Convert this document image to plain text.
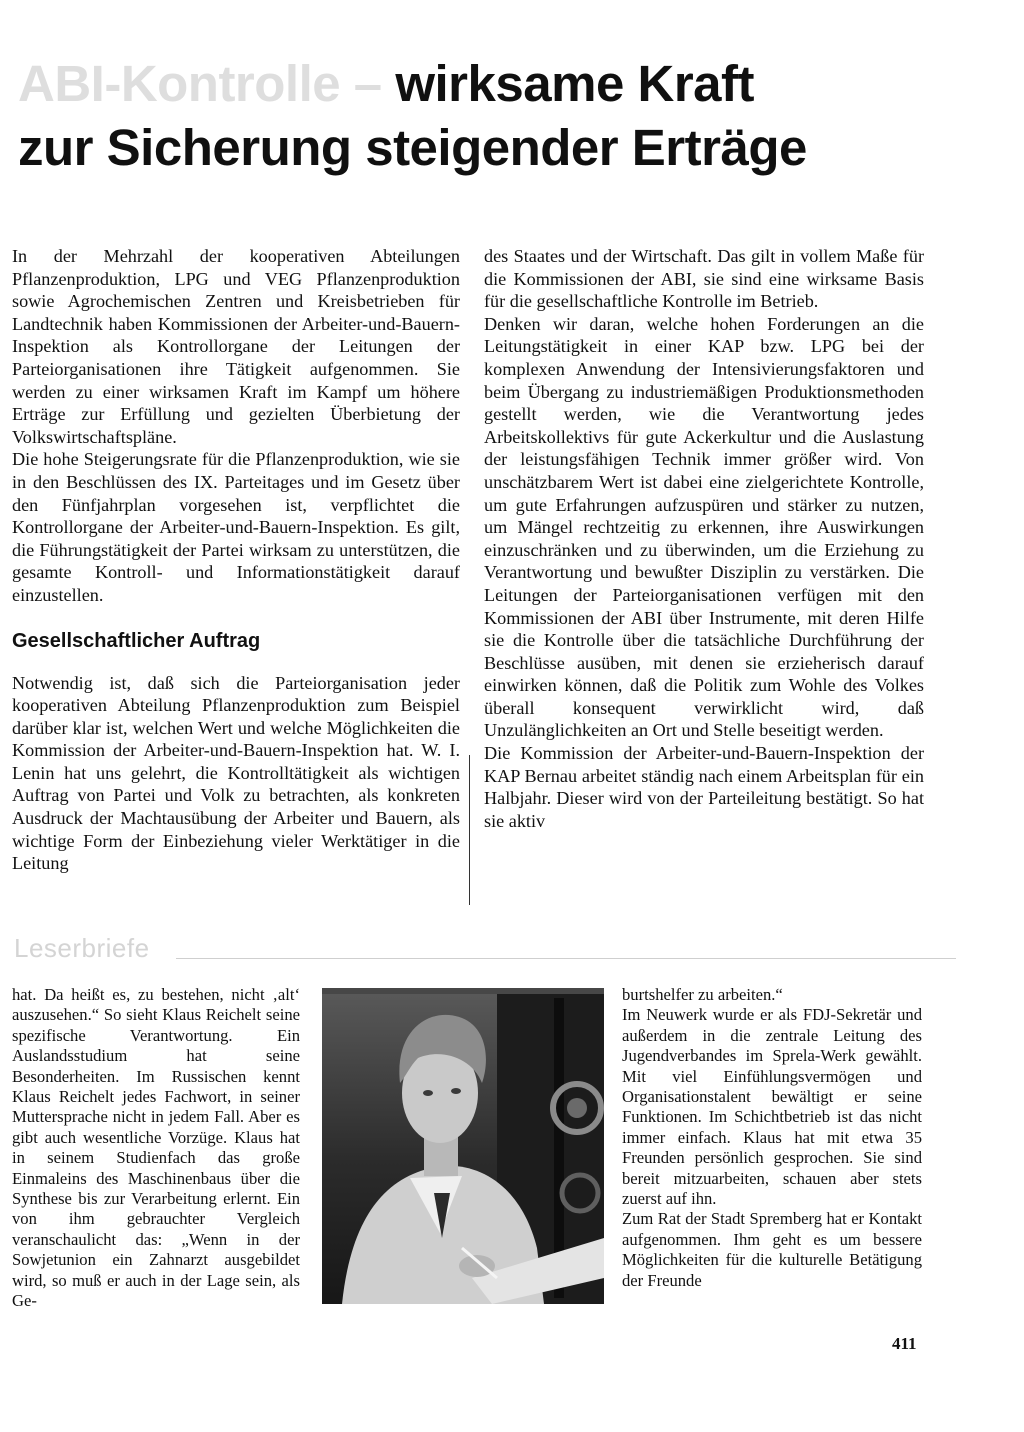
ABI-Kontrolle – wirksame Kraft
zur Sicherung steigender Erträge

In der Mehrzahl der kooperativen Abteilungen Pflanzenproduktion, LPG und VEG Pflanzenproduktion sowie Agrochemischen Zentren und Kreisbetrieben für Landtechnik haben Kommissionen der Arbeiter-und-Bauern-Inspektion als Kontrollorgane der Leitungen der Parteiorganisationen ihre Tätigkeit aufgenommen. Sie werden zu einer wirksamen Kraft im Kampf um höhere Erträge zur Erfüllung und gezielten Überbietung der Volkswirtschaftspläne.

Die hohe Steigerungsrate für die Pflanzenproduktion, wie sie in den Beschlüssen des IX. Parteitages und im Gesetz über den Fünfjahrplan vorgesehen ist, verpflichtet die Kontrollorgane der Arbeiter-und-Bauern-Inspektion. Es gilt, die Führungstätigkeit der Partei wirksam zu unterstützen, die gesamte Kontroll- und Informationstätigkeit darauf einzustellen.

Gesellschaftlicher Auftrag

Notwendig ist, daß sich die Parteiorganisation jeder kooperativen Abteilung Pflanzenproduktion zum Beispiel darüber klar ist, welchen Wert und welche Möglichkeiten die Kommission der Arbeiter-und-Bauern-Inspektion hat. W. I. Lenin hat uns gelehrt, die Kontrolltätigkeit als wichtigen Auftrag von Partei und Volk zu betrachten, als konkreten Ausdruck der Machtausübung der Arbeiter und Bauern, als wichtige Form der Einbeziehung vieler Werktätiger in die Leitung

des Staates und der Wirtschaft. Das gilt in vollem Maße für die Kommissionen der ABI, sie sind eine wirksame Basis für die gesellschaftliche Kontrolle im Betrieb.

Denken wir daran, welche hohen Forderungen an die Leitungstätigkeit in einer KAP bzw. LPG bei der komplexen Anwendung der Intensivierungsfaktoren und beim Übergang zu industriemäßigen Produktionsmethoden gestellt werden, wie die Verantwortung jedes Arbeitskollektivs für gute Ackerkultur und die Auslastung der leistungsfähigen Technik immer größer wird. Von unschätzbarem Wert ist dabei eine zielgerichtete Kontrolle, um gute Erfahrungen aufzuspüren und stärker zu nutzen, um Mängel rechtzeitig zu erkennen, ihre Auswirkungen einzuschränken und zu überwinden, um die Erziehung zu Verantwortung und bewußter Disziplin zu verstärken. Die Leitungen der Parteiorganisationen verfügen mit den Kommissionen der ABI über Instrumente, mit deren Hilfe sie die Kontrolle über die tatsächliche Durchführung der Beschlüsse ausüben, mit denen sie erzieherisch darauf einwirken können, daß die Politik zum Wohle des Volkes überall konsequent verwirklicht wird, daß Unzulänglichkeiten an Ort und Stelle beseitigt werden.

Die Kommission der Arbeiter-und-Bauern-Inspektion der KAP Bernau arbeitet ständig nach einem Arbeitsplan für ein Halbjahr. Dieser wird von der Parteileitung bestätigt. So hat sie aktiv

Leserbriefe

hat. Da heißt es, zu bestehen, nicht ‚alt‘ auszusehen.“ So sieht Klaus Reichelt seine spezifische Verantwortung. Ein Auslandsstudium hat seine Besonderheiten. Im Russischen kennt Klaus Reichelt jedes Fachwort, in seiner Muttersprache nicht in jedem Fall. Aber es gibt auch wesentliche Vorzüge. Klaus hat in seinem Studienfach das große Einmaleins des Maschinenbaus über die Synthese bis zur Verarbeitung erlernt. Ein von ihm gebrauchter Vergleich veranschaulicht das: „Wenn in der Sowjetunion ein Zahnarzt ausgebildet wird, so muß er auch in der Lage sein, als Ge-

burtshelfer zu arbeiten.“

Im Neuwerk wurde er als FDJ-Sekretär und außerdem in die zentrale Leitung des Jugendverbandes im Sprela-Werk gewählt. Mit viel Einfühlungsvermögen und Organisationstalent bewältigt er seine Funktionen. Im Schichtbetrieb ist das nicht immer einfach. Klaus hat mit etwa 35 Freunden persönlich gesprochen. Sie sind bereit mitzuarbeiten, schauen aber stets zuerst auf ihn.

Zum Rat der Stadt Spremberg hat er Kontakt aufgenommen. Ihm geht es um bessere Möglichkeiten für die kulturelle Betätigung der Freunde

411
